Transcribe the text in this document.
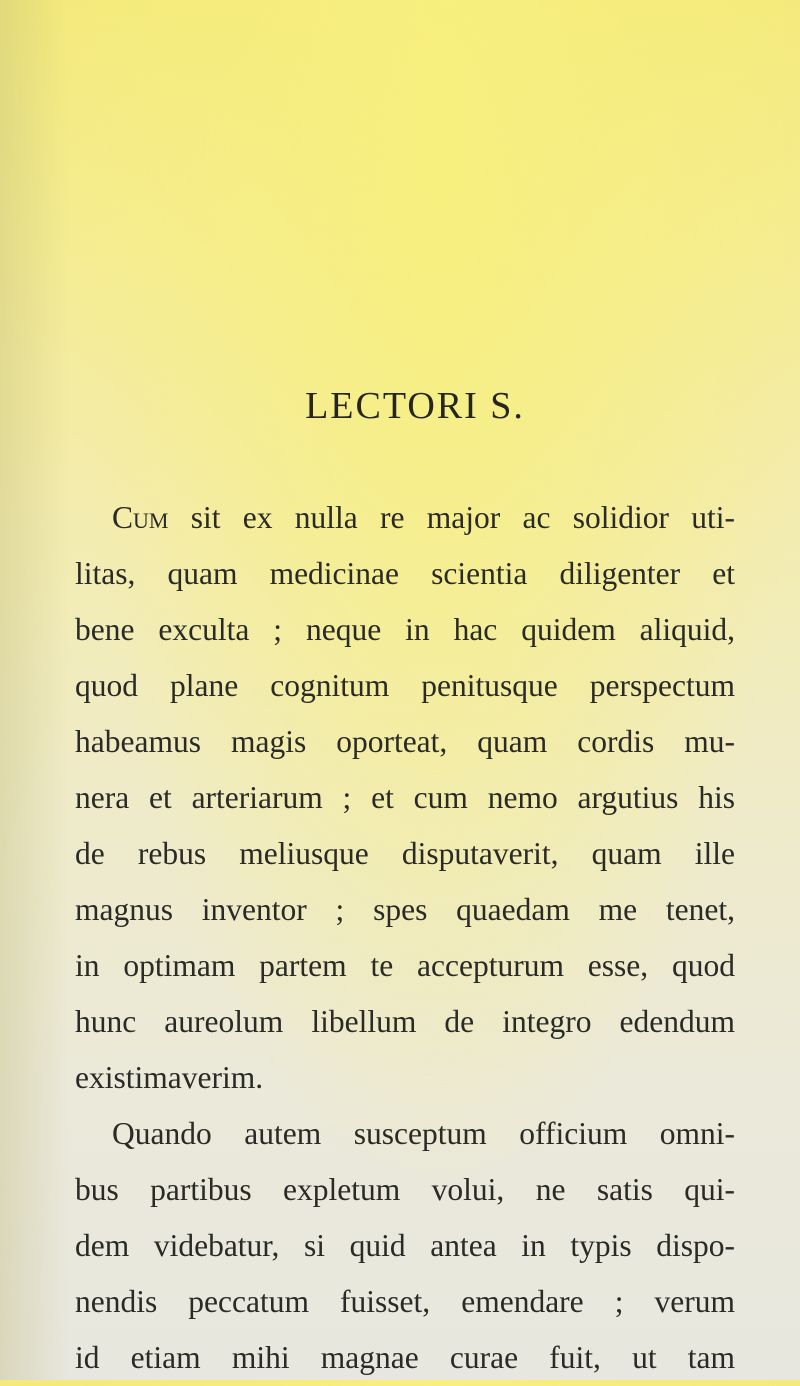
LECTORI S.
Cum sit ex nulla re major ac solidior uti-
litas, quam medicinae scientia diligenter et
bene exculta ; neque in hac quidem aliquid,
quod plane cognitum penitusque perspectum
habeamus magis oporteat, quam cordis mu-
nera et arteriarum ; et cum nemo argutius his
de rebus meliusque disputaverit, quam ille
magnus inventor ; spes quaedam me tenet,
in optimam partem te accepturum esse, quod
hunc aureolum libellum de integro edendum
existimaverim.
Quando autem susceptum officium omni-
bus partibus expletum volui, ne satis qui-
dem videbatur, si quid antea in typis dispo-
nendis peccatum fuisset, emendare ; verum
id etiam mihi magnae curae fuit, ut tam
